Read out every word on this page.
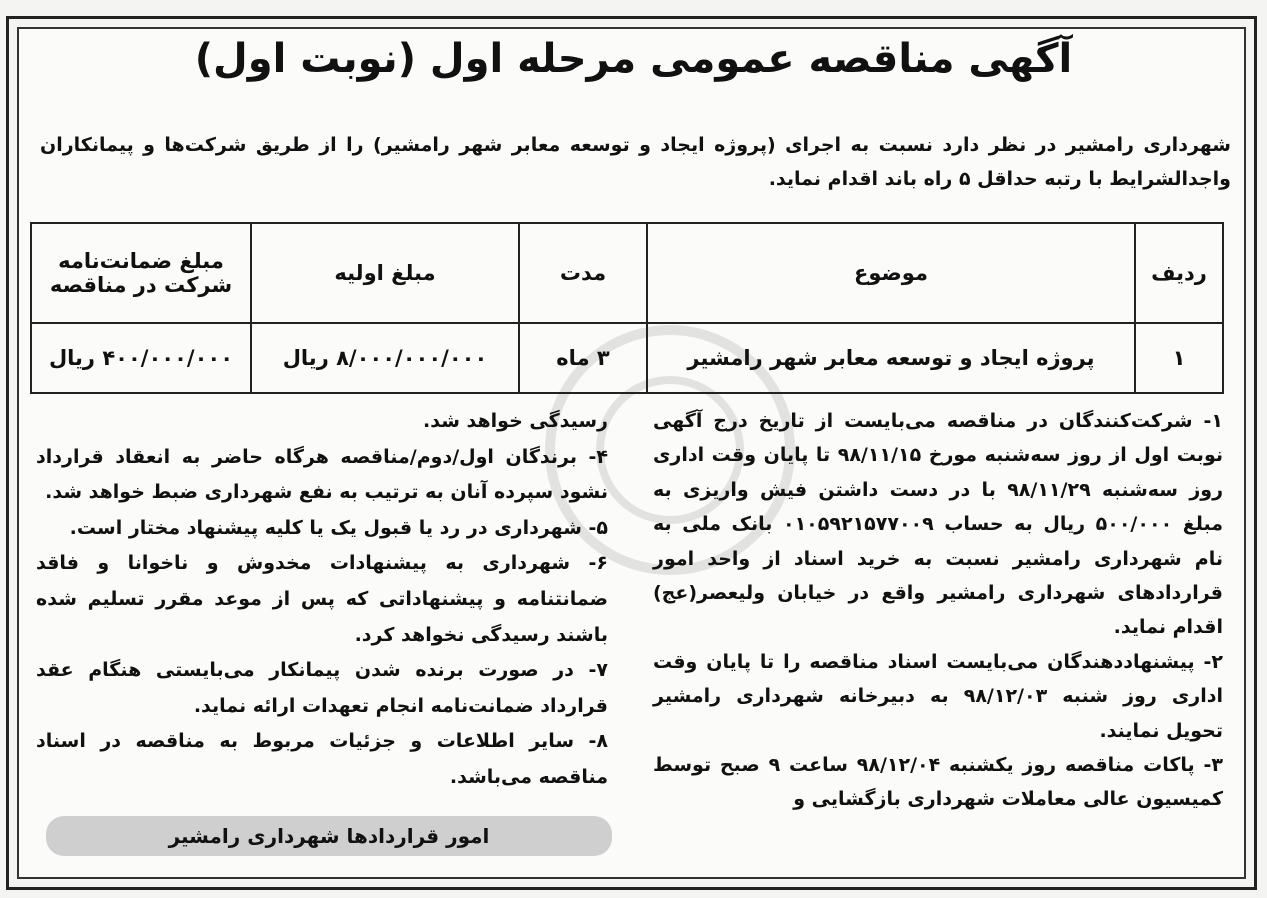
آگهی مناقصه عمومی مرحله اول (نوبت اول)
شهرداری رامشیر در نظر دارد نسبت به اجرای (پروژه ایجاد و توسعه معابر شهر رامشیر) را از طریق شرکت‌ها و پیمانکاران واجدالشرایط با رتبه حداقل ۵ راه باند اقدام نماید.
ردیف	موضوع	مدت	مبلغ اولیه	مبلغ ضمانت‌نامه شرکت در مناقصه
۱	پروژه ایجاد و توسعه معابر شهر رامشیر	۳ ماه	۸/۰۰۰/۰۰۰/۰۰۰ ریال	۴۰۰/۰۰۰/۰۰۰ ریال

۱- شرکت‌کنندگان در مناقصه می‌بایست از تاریخ درج آگهی نوبت اول از روز سه‌شنبه مورخ ۹۸/۱۱/۱۵ تا پایان وقت اداری روز سه‌شنبه ۹۸/۱۱/۲۹ با در دست داشتن فیش واریزی به مبلغ ۵۰۰/۰۰۰ ریال به حساب ۰۱۰۵۹۲۱۵۷۷۰۰۹ بانک ملی به نام شهرداری رامشیر نسبت به خرید اسناد از واحد امور قراردادهای شهرداری رامشیر واقع در خیابان ولیعصر(عج) اقدام نماید.

۲- پیشنهاددهندگان می‌بایست اسناد مناقصه را تا پایان وقت اداری روز شنبه ۹۸/۱۲/۰۳ به دبیرخانه شهرداری رامشیر تحویل نمایند.

۳- پاکات مناقصه روز یکشنبه ۹۸/۱۲/۰۴ ساعت ۹ صبح توسط کمیسیون عالی معاملات شهرداری بازگشایی و

رسیدگی خواهد شد.

۴- برندگان اول/دوم/مناقصه هرگاه حاضر به انعقاد قرارداد نشود سپرده آنان به ترتیب به نفع شهرداری ضبط خواهد شد.

۵- شهرداری در رد یا قبول یک یا کلیه پیشنهاد مختار است.

۶- شهرداری به پیشنهادات مخدوش و ناخوانا و فاقد ضمانتنامه و پیشنهاداتی که پس از موعد مقرر تسلیم شده باشند رسیدگی نخواهد کرد.

۷- در صورت برنده شدن پیمانکار می‌بایستی هنگام عقد قرارداد ضمانت‌نامه انجام تعهدات ارائه نماید.

۸- سایر اطلاعات و جزئیات مربوط به مناقصه در اسناد مناقصه می‌باشد.

امور قراردادها شهرداری رامشیر
